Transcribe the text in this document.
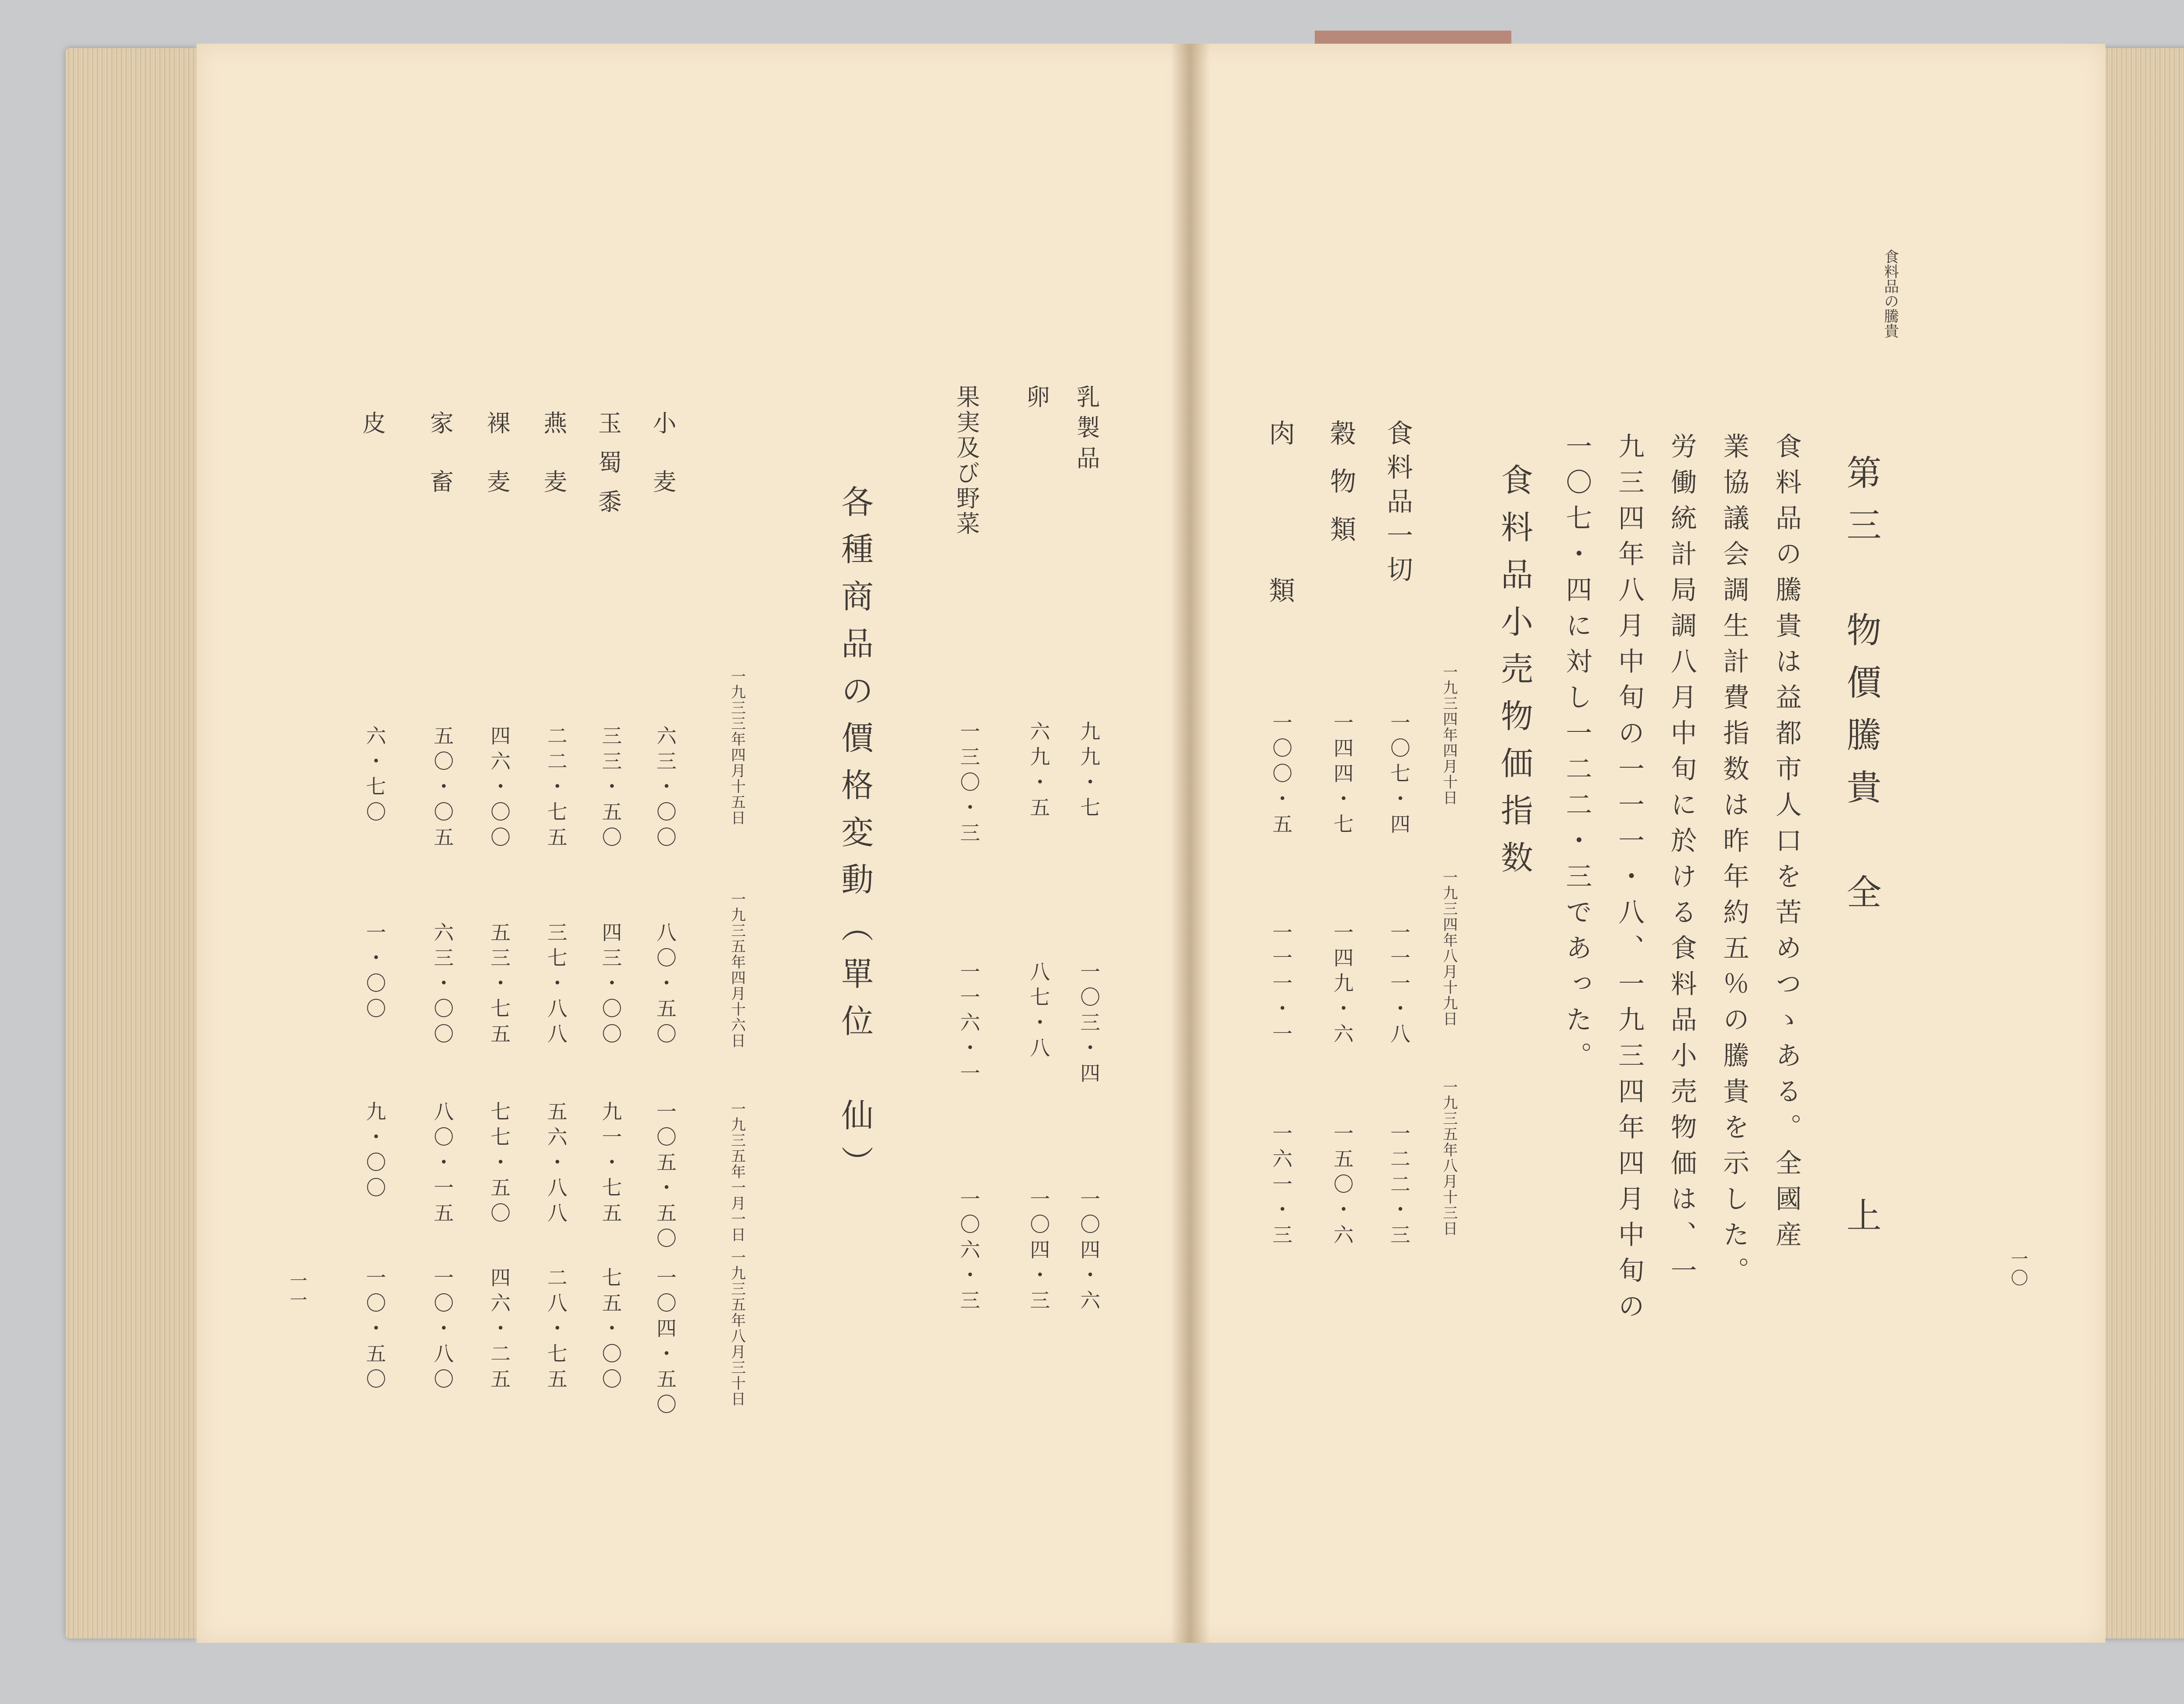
乳製品
九九・七
一〇三・四
一〇四・六
卵
六九・五
八七・八
一〇四・三
果実及び野菜
一三〇・三
一一六・一
一〇六・三
各種商品の價格変動（單位　仙）
一九三三年四月十五日
一九三五年四月十六日
一九三五年一月一日
一九三五年八月三十日
小麦
六三・〇〇
八〇・五〇
一〇五・五〇
一〇四・五〇
玉蜀黍
三三・五〇
四三・〇〇
九一・七五
七五・〇〇
燕麦
二二・七五
三七・八八
五六・八八
二八・七五
裸麦
四六・〇〇
五三・七五
七七・五〇
四六・二五
家畜
五〇・〇五
六三・〇〇
八〇・一五
一〇・八〇
皮
六・七〇
一・〇〇
九・〇〇
一〇・五〇
一一
一〇
食料品の騰貴
第三　物價騰貴　全
上
食料品の騰貴は益都市人口を苦めつゝある。全國産
業協議会調生計費指数は昨年約五％の騰貴を示した。
労働統計局調八月中旬に於ける食料品小売物価は、一
九三四年八月中旬の一一一・八、一九三四年四月中旬の
一〇七・四に対し一二二・三であった。
食料品小売物価指数
一九三四年四月十日
一九三四年八月十九日
一九三五年八月十三日
食料品一切
一〇七・四
一一一・八
一二二・三
穀物類
一四四・七
一四九・六
一五〇・六
肉　類
一〇〇・五
一一一・一
一六一・三
